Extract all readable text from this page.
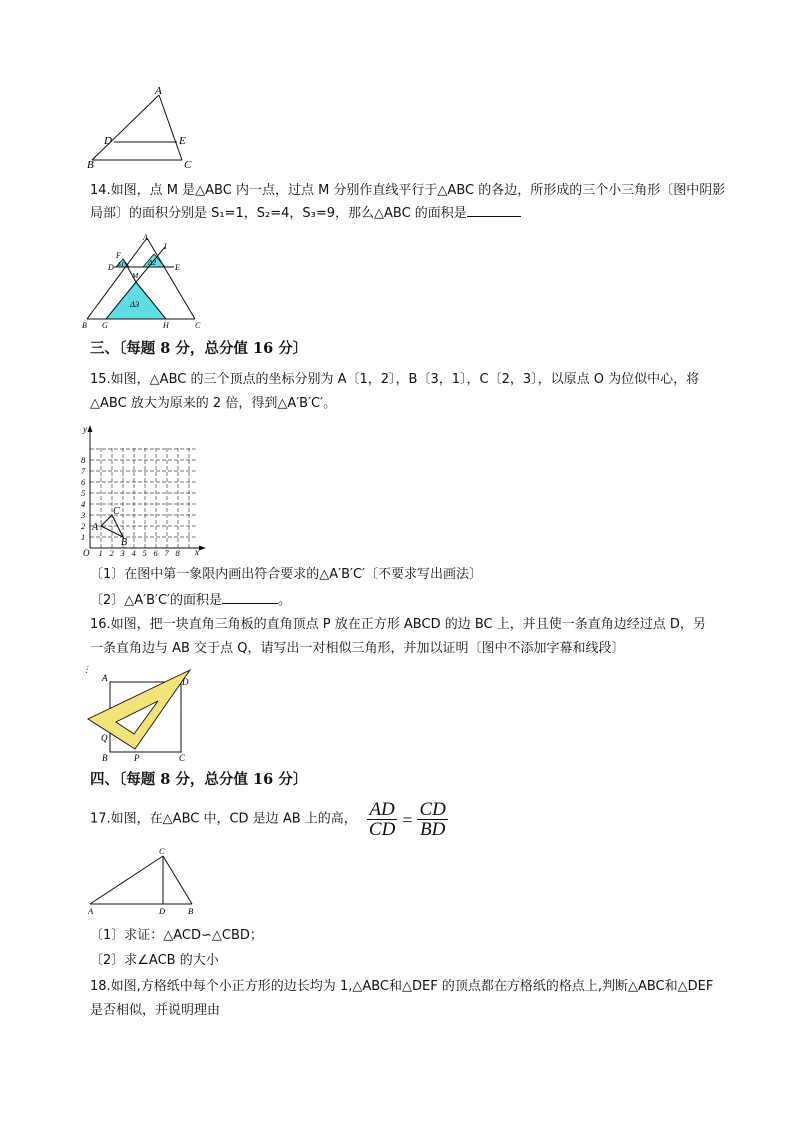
A
D	E
B	C
14.如图，点 M 是△ABC 内一点，过点 M 分别作直线平行于△ABC 的各边，所形成的三个小三角形〔图中阴影局部〕的面积分别是 S₁=1，S₂=4，S₃=9，那么△ABC 的面积是
A
I
F
D
M
E
B G	H	C
Δ1	Δ2
Δ3
三、〔每题 8 分，总分值 16 分〕
15.如图，△ABC 的三个顶点的坐标分别为 A〔1，2〕，B〔3，1〕，C〔2，3〕，以原点 O 为位似中心，将
△ABC 放大为原来的 2 倍，得到△A′B′C′。
y
x
O 1 2 3 4 5 6 7 8
1
2
3
4
5
6
7
8
A
B
C
〔1〕在图中第一象限内画出符合要求的△A′B′C′〔不要求写出画法〕
〔2〕△A′B′C′的面积是	。
16.如图，把一块直角三角板的直角顶点 P 放在正方形 ABCD 的边 BC 上，并且使一条直角边经过点 D，另
一条直角边与 AB 交于点 Q，请写出一对相似三角形，并加以证明〔图中不添加字幕和线段〕
⋮
A	D
Q
B	P	C
四、〔每题 8 分，总分值 16 分〕
17.如图，在△ABC 中，CD 是边 AB 上的高， $\frac{AD}{CD} = \frac{CD}{BD}$
C
A	D	B
〔1〕求证：△ACD∽△CBD；
〔2〕求∠ACB 的大小
18.如图,方格纸中每个小正方形的边长均为 1,△ABC和△DEF 的顶点都在方格纸的格点上,判断△ABC和△DEF
是否相似，并说明理由
